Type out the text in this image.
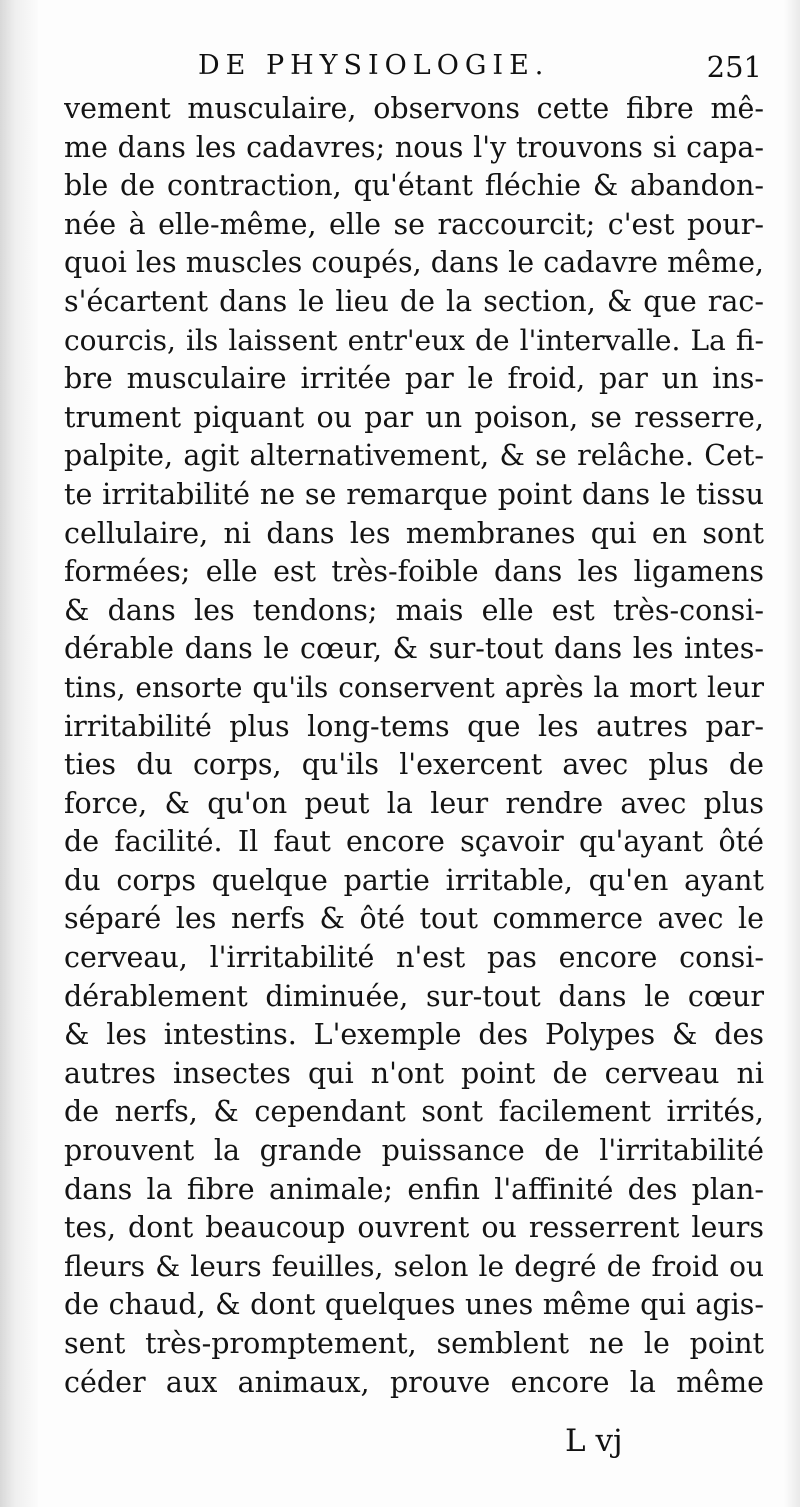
DE PHYSIOLOGIE.	251
vement musculaire, observons cette fibre mê-
me dans les cadavres; nous l'y trouvons si capa-
ble de contraction, qu'étant fléchie & abandon-
née à elle-même, elle se raccourcit; c'est pour-
quoi les muscles coupés, dans le cadavre même,
s'écartent dans le lieu de la section, & que rac-
courcis, ils laissent entr'eux de l'intervalle. La fi-
bre musculaire irritée par le froid, par un ins-
trument piquant ou par un poison, se resserre,
palpite, agit alternativement, & se relâche. Cet-
te irritabilité ne se remarque point dans le tissu
cellulaire, ni dans les membranes qui en sont
formées; elle est très-foible dans les ligamens
& dans les tendons; mais elle est très-consi-
dérable dans le cœur, & sur-tout dans les intes-
tins, ensorte qu'ils conservent après la mort leur
irritabilité plus long-tems que les autres par-
ties du corps, qu'ils l'exercent avec plus de
force, & qu'on peut la leur rendre avec plus
de facilité. Il faut encore sçavoir qu'ayant ôté
du corps quelque partie irritable, qu'en ayant
séparé les nerfs & ôté tout commerce avec le
cerveau, l'irritabilité n'est pas encore consi-
dérablement diminuée, sur-tout dans le cœur
& les intestins. L'exemple des Polypes & des
autres insectes qui n'ont point de cerveau ni
de nerfs, & cependant sont facilement irrités,
prouvent la grande puissance de l'irritabilité
dans la fibre animale; enfin l'affinité des plan-
tes, dont beaucoup ouvrent ou resserrent leurs
fleurs & leurs feuilles, selon le degré de froid ou
de chaud, & dont quelques unes même qui agis-
sent très-promptement, semblent ne le point
céder aux animaux, prouve encore la même
L vj
